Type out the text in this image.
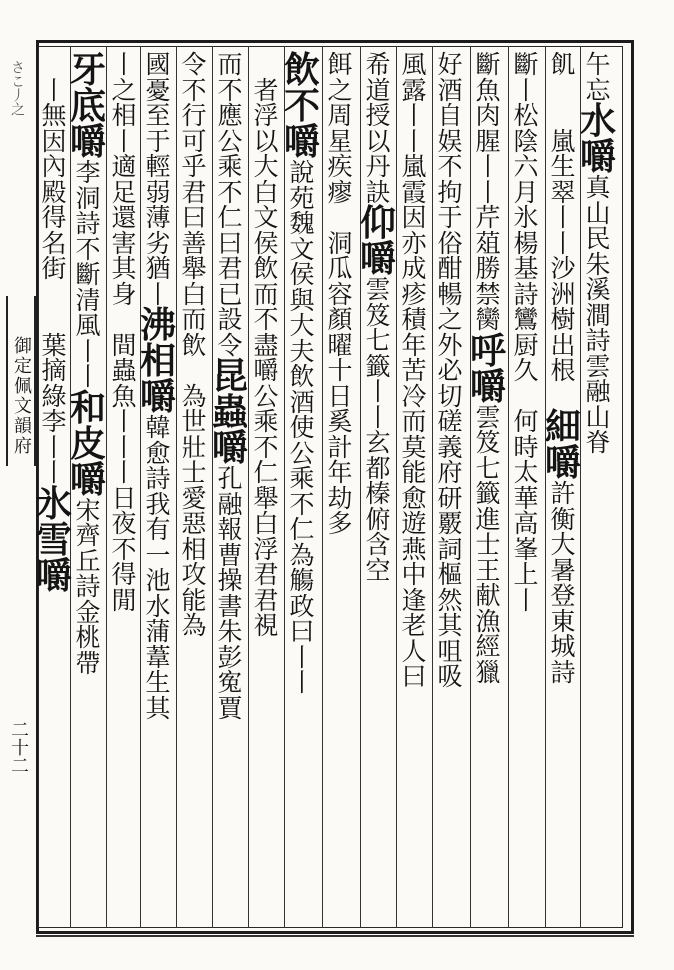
さこ丿之
御定佩文韻府
二十二
午
忘
水
嚼
真
山
民
朱
溪
澗
詩
雲
融
山
脊
飢

嵐
生
翠
丨
丨
沙
洲
樹
出
根

細
嚼
許
衡
大
暑
登
東
城
詩
斷
丨
松
陰
六
月
氷
楊
基
詩
鸞
厨
久

何
時
太
華
高
峯
上
丨
斷
魚
肉
腥
丨
丨
芹
葅
勝
禁
臠
呼
嚼
雲
笈
七
籤
進
士
王
献
漁
經
獵
好
酒
自
娱
不
拘
于
俗
酣
暢
之
外
必
切
磋
義
府
研
覈
詞
樞
然
其
咀
吸
風
露
丨
丨
嵐
霞
因
亦
成
疹
積
年
苦
冷
而
莫
能
愈
遊
燕
中
逢
老
人
曰
希
道
授
以
丹
訣
仰
嚼
雲
笈
七
籤
丨
丨
玄
都
榛
俯
含
空
餌
之
周
星
疾
瘳

洞
瓜
容
顏
曜
十
日
奚
計
年
劫
多
飲
不
嚼
說
苑
魏
文
侯
與
大
夫
飲
酒
使
公
乘
不
仁
為
觴
政
曰
丨
丨

者
浮
以
大
白
文
侯
飲
而
不
盡
嚼
公
乘
不
仁
舉
白
浮
君
君
視
而
不
應
公
乘
不
仁
曰
君
已
設
令
昆
蟲
嚼
孔
融
報
曹
操
書
朱
彭
寃
賈
令
不
行
可
乎
君
曰
善
舉
白
而
飲

為
世
壯
士
愛
惡
相
攻
能
為
國
憂
至
于
輕
弱
薄
劣
猶
丨
沸
相
嚼
韓
愈
詩
我
有
一
池
水
蒲
葦
生
其
丨
之
相
丨
適
足
還
害
其
身

間
蟲
魚
丨
丨
丨
日
夜
不
得
閒
牙
底
嚼
李
洞
詩
不
斷
清
風
丨
丨
和
皮
嚼
宋
齊
丘
詩
金
桃
帶

丨
無
因
內
殿
得
名
街

葉
摘
綠
李
丨
丨
氷
雪
嚼
